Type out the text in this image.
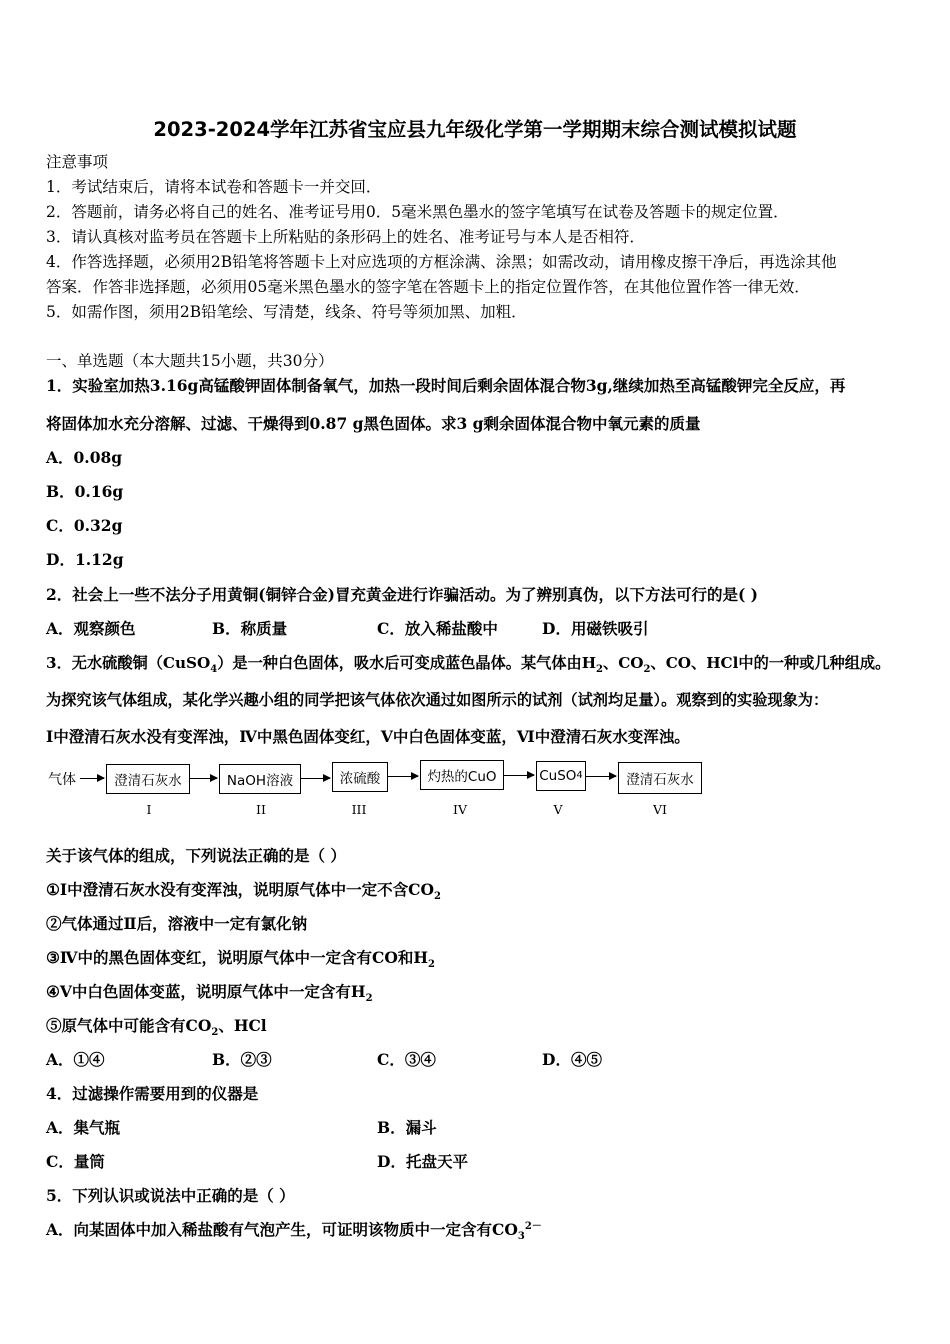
2023-2024学年江苏省宝应县九年级化学第一学期期末综合测试模拟试题
注意事项
1．考试结束后，请将本试卷和答题卡一并交回．
2．答题前，请务必将自己的姓名、准考证号用0．5毫米黑色墨水的签字笔填写在试卷及答题卡的规定位置．
3．请认真核对监考员在答题卡上所粘贴的条形码上的姓名、准考证号与本人是否相符．
4．作答选择题，必须用2B铅笔将答题卡上对应选项的方框涂满、涂黑；如需改动，请用橡皮擦干净后，再选涂其他
答案．作答非选择题，必须用05毫米黑色墨水的签字笔在答题卡上的指定位置作答，在其他位置作答一律无效．
5．如需作图，须用2B铅笔绘、写清楚，线条、符号等须加黑、加粗．
一、单选题（本大题共15小题，共30分）
1．实验室加热3.16g高锰酸钾固体制备氧气，加热一段时间后剩余固体混合物3g,继续加热至高锰酸钾完全反应，再
将固体加水充分溶解、过滤、干燥得到0.87 g黑色固体。求3 g剩余固体混合物中氧元素的质量
A．0.08g
B．0.16g
C．0.32g
D．1.12g
2．社会上一些不法分子用黄铜(铜锌合金)冒充黄金进行诈骗活动。为了辨别真伪，以下方法可行的是( )
A．观察颜色	B．称质量	C．放入稀盐酸中	D．用磁铁吸引
3．无水硫酸铜（CuSO$_4$）是一种白色固体，吸水后可变成蓝色晶体。某气体由$H_2$、$CO_2$、CO、HCl中的一种或几种组成。
为探究该气体组成，某化学兴趣小组的同学把该气体依次通过如图所示的试剂（试剂均足量）。观察到的实验现象为：
I中澄清石灰水没有变浑浊，Ⅳ中黑色固体变红，V中白色固体变蓝，Ⅵ中澄清石灰水变浑浊。
气体	澄清石灰水	NaOH溶液	浓硫酸	灼热的CuO	CuSO 4	澄清石灰水
I	II	III	IV	V	VI
关于该气体的组成，下列说法正确的是（ ）
①I中澄清石灰水没有变浑浊，说明原气体中一定不含$CO_2$
②气体通过Ⅱ后，溶液中一定有氯化钠
③Ⅳ中的黑色固体变红，说明原气体中一定含有CO和$H_2$
④V中白色固体变蓝，说明原气体中一定含有$H_2$
⑤原气体中可能含有$CO_2$、HCl
A．①④	B．②③	C．③④	D．④⑤
4．过滤操作需要用到的仪器是
A．集气瓶	B．漏斗
C．量筒	D．托盘天平
5．下列认识或说法中正确的是（ ）
A．向某固体中加入稀盐酸有气泡产生，可证明该物质中一定含有$CO_3^{2-}$
